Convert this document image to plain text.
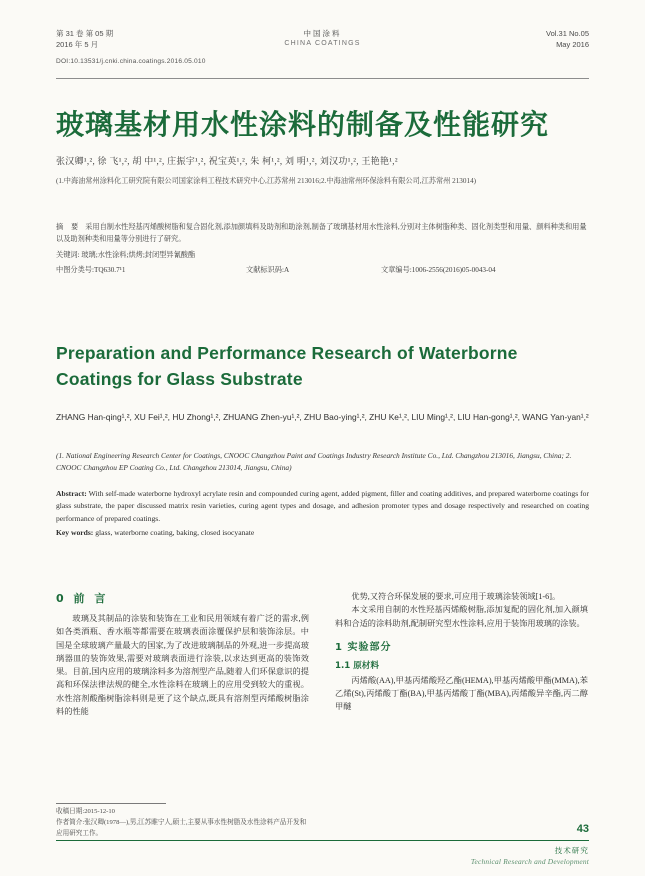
第 31 卷 第 05 期
2016 年 5 月
中国涂料
CHINA COATINGS
Vol.31 No.05
May 2016
DOI:10.13531/j.cnki.china.coatings.2016.05.010
玻璃基材用水性涂料的制备及性能研究
张汉卿¹,², 徐 飞¹,², 胡 中¹,², 庄振宇¹,², 祝宝英¹,², 朱 柯¹,², 刘 明¹,², 刘汉功¹,², 王艳艳¹,²
(1.中海油常州涂料化工研究院有限公司国家涂料工程技术研究中心,江苏常州 213016;2.中海油常州环保涂料有限公司,江苏常州 213014)
摘 要 采用自制水性羟基丙烯酸树脂和复合固化剂,添加颜填料及助剂和助涂剂,制备了玻璃基材用水性涂料,分别对主体树脂种类、固化剂类型和用量、颜料种类和用量以及助剂种类和用量等分别进行了研究。
关键词: 玻璃;水性涂料;烘烤;封闭型异氰酸酯
中图分类号:TQ630.7¹1	文献标识码:A	文章编号:1006-2556(2016)05-0043-04
Preparation and Performance Research of Waterborne Coatings for Glass Substrate
ZHANG Han-qing¹,², XU Fei¹,², HU Zhong¹,², ZHUANG Zhen-yu¹,², ZHU Bao-ying¹,², ZHU Ke¹,², LIU Ming¹,², LIU Han-gong¹,², WANG Yan-yan¹,²
(1. National Engineering Research Center for Coatings, CNOOC Changzhou Paint and Coatings Industry Research Institute Co., Ltd. Changzhou 213016, Jiangsu, China; 2. CNOOC Changzhou EP Coating Co., Ltd. Changzhou 213014, Jiangsu, China)
Abstract: With self-made waterborne hydroxyl acrylate resin and compounded curing agent, added pigment, filler and coating additives, and prepared waterborne coatings for glass substrate, the paper discussed matrix resin varieties, curing agent types and dosage, and adhesion promoter types and dosage respectively and researched on coating performance of prepared coatings.
Key words: glass, waterborne coating, baking, closed isocyanate
0 前 言
玻璃及其制品的涂装和装饰在工业和民用领域有着广泛的需求,例如各类酒瓶、香水瓶等都需要在玻璃表面涂覆保护层和装饰涂层。中国是全球玻璃产量最大的国家,为了改进玻璃制品的外观,进一步提高玻璃器皿的装饰效果,需要对玻璃表面进行涂装,以求达到更高的装饰效果。目前,国内应用的玻璃涂料多为溶剂型产品,随着人们环保意识的提高和环保法律法规的健全,水性涂料在玻璃上的应用受到较大的重视。水性溶剂酸酯树脂涂料则是更了这个缺点,既具有溶剂型丙烯酸树脂涂料的性能
优势,又符合环保发展的要求,可应用于玻璃涂装领域[1-6]。
本文采用自制的水性羟基丙烯酸树脂,添加复配的固化剂,加入颜填料和合适的涂料助剂,配制研究型水性涂料,应用于装饰用玻璃的涂装。
1 实验部分
1.1 原材料
丙烯酸(AA),甲基丙烯酸羟乙酯(HEMA),甲基丙烯酸甲酯(MMA),苯乙烯(St),丙烯酸丁酯(BA),甲基丙烯酸丁酯(MBA),丙烯酸异辛酯,丙二醇甲醚
收稿日期:2015-12-10
作者简介:张汉卿(1978—),男,江苏睢宁人,硕士,主要从事水性树脂及水性涂料产品开发和应用研究工作。	43
技术研究
Technical Research and Development
